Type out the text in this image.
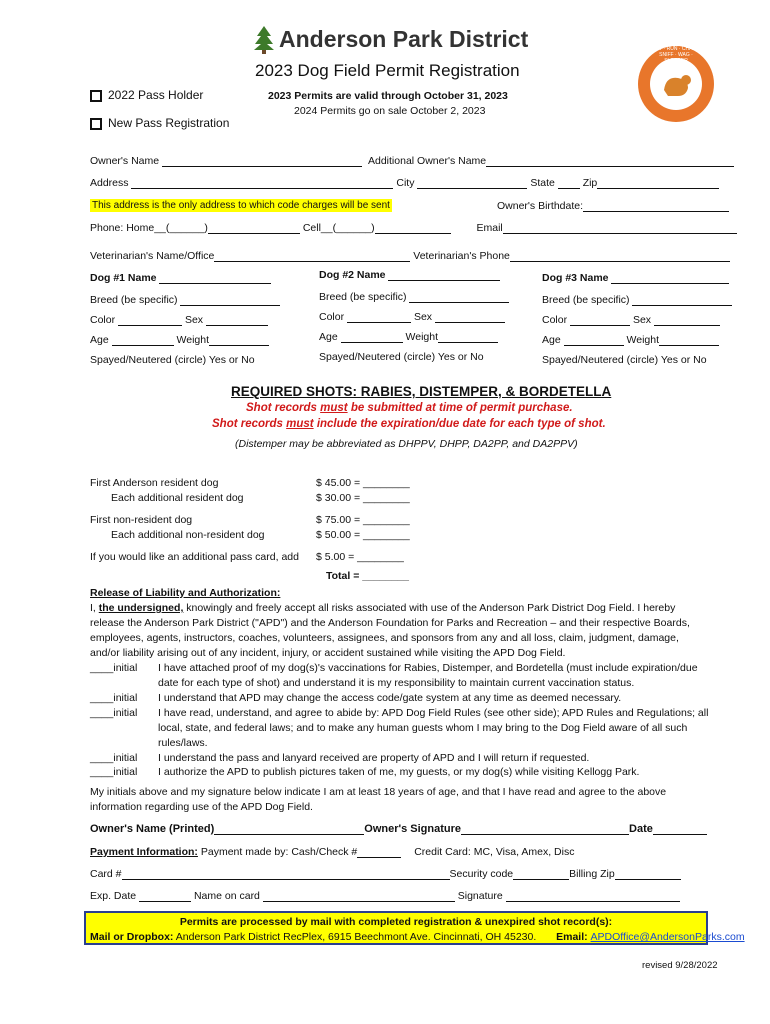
Anderson Park District
2023 Dog Field Permit Registration
PLAY · RUN · CHASE · SNIFF · WAG · SLOBBER
2022 Pass Holder
New Pass Registration
2023 Permits are valid through October 31, 2023
2024 Permits go on sale October 2, 2023
Owner's Name	Additional Owner's Name
Address	City	State	Zip
This address is the only address to which code charges will be sent	Owner's Birthdate:
Phone: Home__(______)	Cell__(______)	Email
Veterinarian's Name/Office	Veterinarian's Phone
Dog #1 Name
Breed (be specific)
Color	Sex
Age	Weight
Spayed/Neutered (circle) Yes or No
Dog #2 Name
Breed (be specific)
Color	Sex
Age	Weight
Spayed/Neutered (circle) Yes or No
Dog #3 Name
Breed (be specific)
Color	Sex
Age	Weight
Spayed/Neutered (circle) Yes or No
REQUIRED SHOTS: RABIES, DISTEMPER, & BORDETELLA
Shot records must be submitted at time of permit purchase.
Shot records must include the expiration/due date for each type of shot.
(Distemper may be abbreviated as DHPPV, DHPP, DA2PP, and DA2PPV)
First Anderson resident dog	$ 45.00 = ________
Each additional resident dog	$ 30.00 = ________
First non-resident dog	$ 75.00 = ________
Each additional non-resident dog	$ 50.00 = ________
If you would like an additional pass card, add $ 5.00 = ________
Total = ________
Release of Liability and Authorization:
I, the undersigned, knowingly and freely accept all risks associated with use of the Anderson Park District Dog Field. I hereby
release the Anderson Park District ("APD") and the Anderson Foundation for Parks and Recreation – and their respective Boards,
employees, agents, instructors, coaches, volunteers, assignees, and sponsors from any and all loss, claim, judgment, damage,
and/or liability arising out of any incident, injury, or accident sustained while visiting the APD Dog Field.
____initial I have attached proof of my dog(s)'s vaccinations for Rabies, Distemper, and Bordetella (must include expiration/due
date for each type of shot) and understand it is my responsibility to maintain current vaccination status.
____initial I understand that APD may change the access code/gate system at any time as deemed necessary.
____initial I have read, understand, and agree to abide by: APD Dog Field Rules (see other side); APD Rules and Regulations; all
local, state, and federal laws; and to make any human guests whom I may bring to the Dog Field aware of all such
rules/laws.
____initial I understand the pass and lanyard received are property of APD and I will return if requested.
____initial I authorize the APD to publish pictures taken of me, my guests, or my dog(s) while visiting Kellogg Park.
My initials above and my signature below indicate I am at least 18 years of age, and that I have read and agree to the above
information regarding use of the APD Dog Field.
Owner's Name (Printed)	Owner's Signature	Date
Payment Information: Payment made by: Cash/Check #	Credit Card: MC, Visa, Amex, Disc
Card #	Security code	Billing Zip
Exp. Date	Name on card	Signature
Permits are processed by mail with completed registration & unexpired shot record(s):
Mail or Dropbox: Anderson Park District RecPlex, 6915 Beechmont Ave. Cincinnati, OH 45230. Email: APDOffice@AndersonParks.com
revised 9/28/2022
